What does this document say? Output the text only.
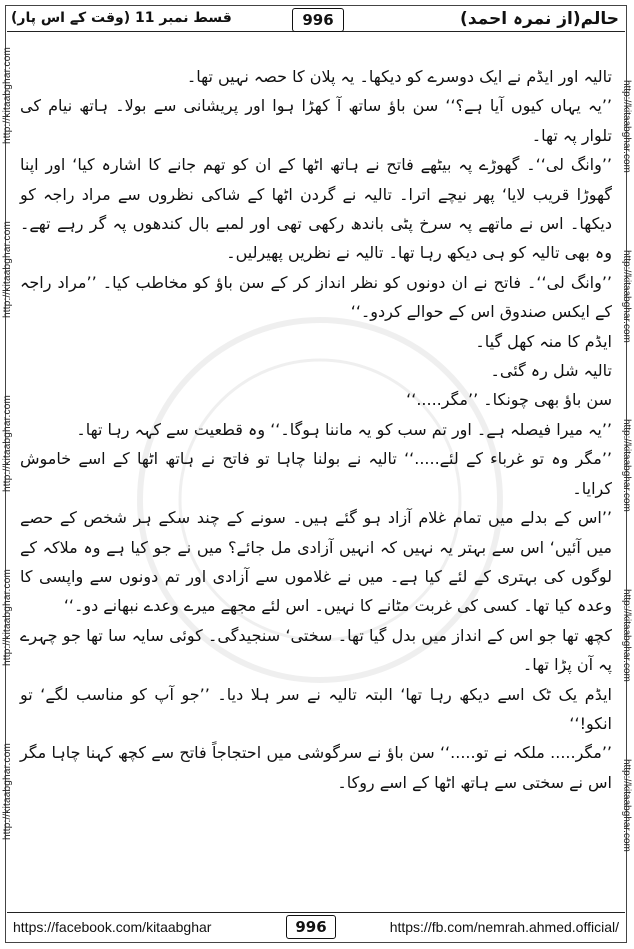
قسط نمبر 11 (وقت کے اس پار)	حالم(از نمرہ احمد)
996
http://kitaabghar.com http://kitaabghar.com http://kitaabghar.com http://kitaabghar.com http://kitaabghar.com	http://kitaabghar.com http://kitaabghar.com http://kitaabghar.com http://kitaabghar.com http://kitaabghar.com

تالیہ اور ایڈم نے ایک دوسرے کو دیکھا۔ یہ پلان کا حصہ نہیں تھا۔

’’یہ یہاں کیوں آیا ہے؟‘‘ سن باؤ ساتھ آ کھڑا ہوا اور پریشانی سے بولا۔ ہاتھ نیام کی تلوار پہ تھا۔

’’وانگ لی‘‘۔ گھوڑے پہ بیٹھے فاتح نے ہاتھ اٹھا کے ان کو تھم جانے کا اشارہ کیا‘ اور اپنا گھوڑا قریب لایا‘ پھر نیچے اترا۔ تالیہ نے گردن اٹھا کے شاکی نظروں سے مراد راجہ کو دیکھا۔ اس نے ماتھے پہ سرخ پٹی باندھ رکھی تھی اور لمبے بال کندھوں پہ گر رہے تھے۔ وہ بھی تالیہ کو ہی دیکھ رہا تھا۔ تالیہ نے نظریں پھیرلیں۔

’’وانگ لی‘‘۔ فاتح نے ان دونوں کو نظر انداز کر کے سن باؤ کو مخاطب کیا۔ ’’مراد راجہ کے ایکس صندوق اس کے حوالے کردو۔‘‘

ایڈم کا منہ کھل گیا۔

تالیہ شل رہ گئی۔

سن باؤ بھی چونکا۔ ’’مگر.....‘‘

’’یہ میرا فیصلہ ہے۔ اور تم سب کو یہ ماننا ہوگا۔‘‘ وہ قطعیت سے کہہ رہا تھا۔

’’مگر وہ تو غرباء کے لئے.....‘‘ تالیہ نے بولنا چاہا تو فاتح نے ہاتھ اٹھا کے اسے خاموش کرایا۔

’’اس کے بدلے میں تمام غلام آزاد ہو گئے ہیں۔ سونے کے چند سکے ہر شخص کے حصے میں آئیں‘ اس سے بہتر یہ نہیں کہ انہیں آزادی مل جائے؟ میں نے جو کیا ہے وہ ملاکہ کے لوگوں کی بہتری کے لئے کیا ہے۔ میں نے غلاموں سے آزادی اور تم دونوں سے واپسی کا وعدہ کیا تھا۔ کسی کی غربت مٹانے کا نہیں۔ اس لئے مجھے میرے وعدے نبھانے دو۔‘‘

کچھ تھا جو اس کے انداز میں بدل گیا تھا۔ سختی‘ سنجیدگی۔ کوئی سایہ سا تھا جو چہرے پہ آن پڑا تھا۔

ایڈم یک ٹک اسے دیکھ رہا تھا‘ البتہ تالیہ نے سر ہلا دیا۔ ’’جو آپ کو مناسب لگے‘ تو انکو!‘‘

’’مگر..... ملکہ نے تو.....‘‘ سن باؤ نے سرگوشی میں احتجاجاً فاتح سے کچھ کہنا چاہا مگر اس نے سختی سے ہاتھ اٹھا کے اسے روکا۔

https://facebook.com/kitaabghar	https://fb.com/nemrah.ahmed.official/
996
